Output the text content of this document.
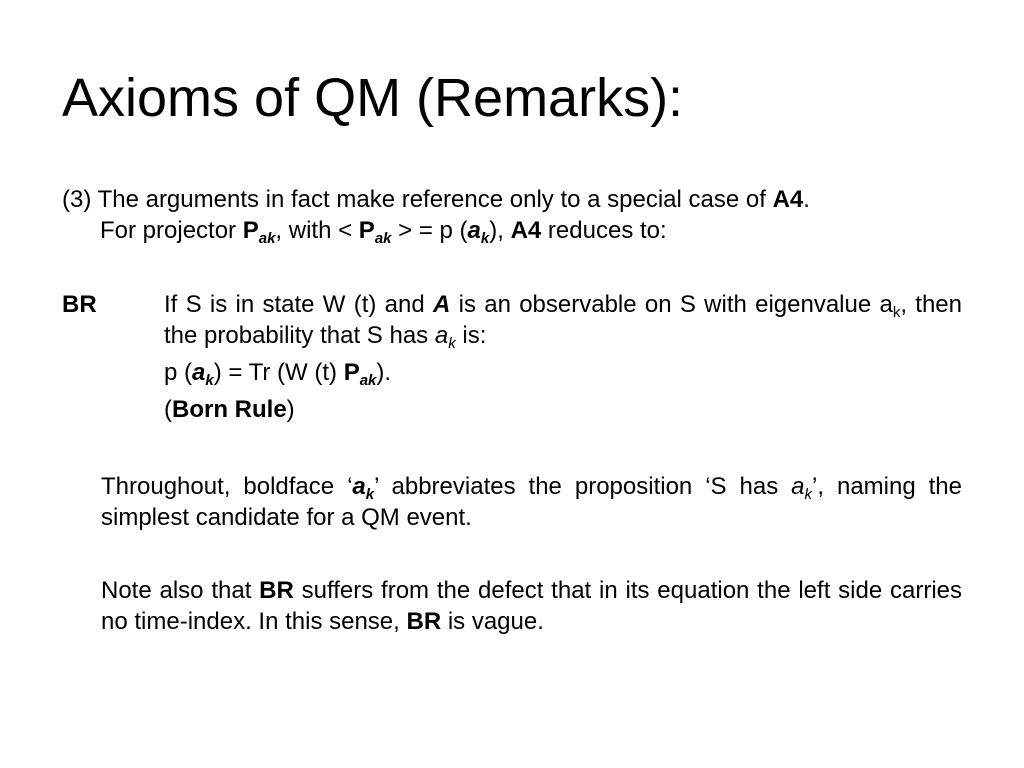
Axioms of QM (Remarks):
(3) The arguments in fact make reference only to a special case of A4.
For projector $P_{ak}$, with < $P_{ak}$ > = p $(a_k)$, A4 reduces to:
BR	If S is in state W (t) and A is an observable on S with eigenvalue $a_k$, then the probability that S has $a_k$ is:
p $(a_k) = Tr$ (W (t) $P_{ak}$).
(Born Rule)
Throughout, boldface ‘$a_k$’ abbreviates the proposition ‘S has $a_k$’, naming the simplest candidate for a QM event.
Note also that BR suffers from the defect that in its equation the left side carries no time-index. In this sense, BR is vague.
